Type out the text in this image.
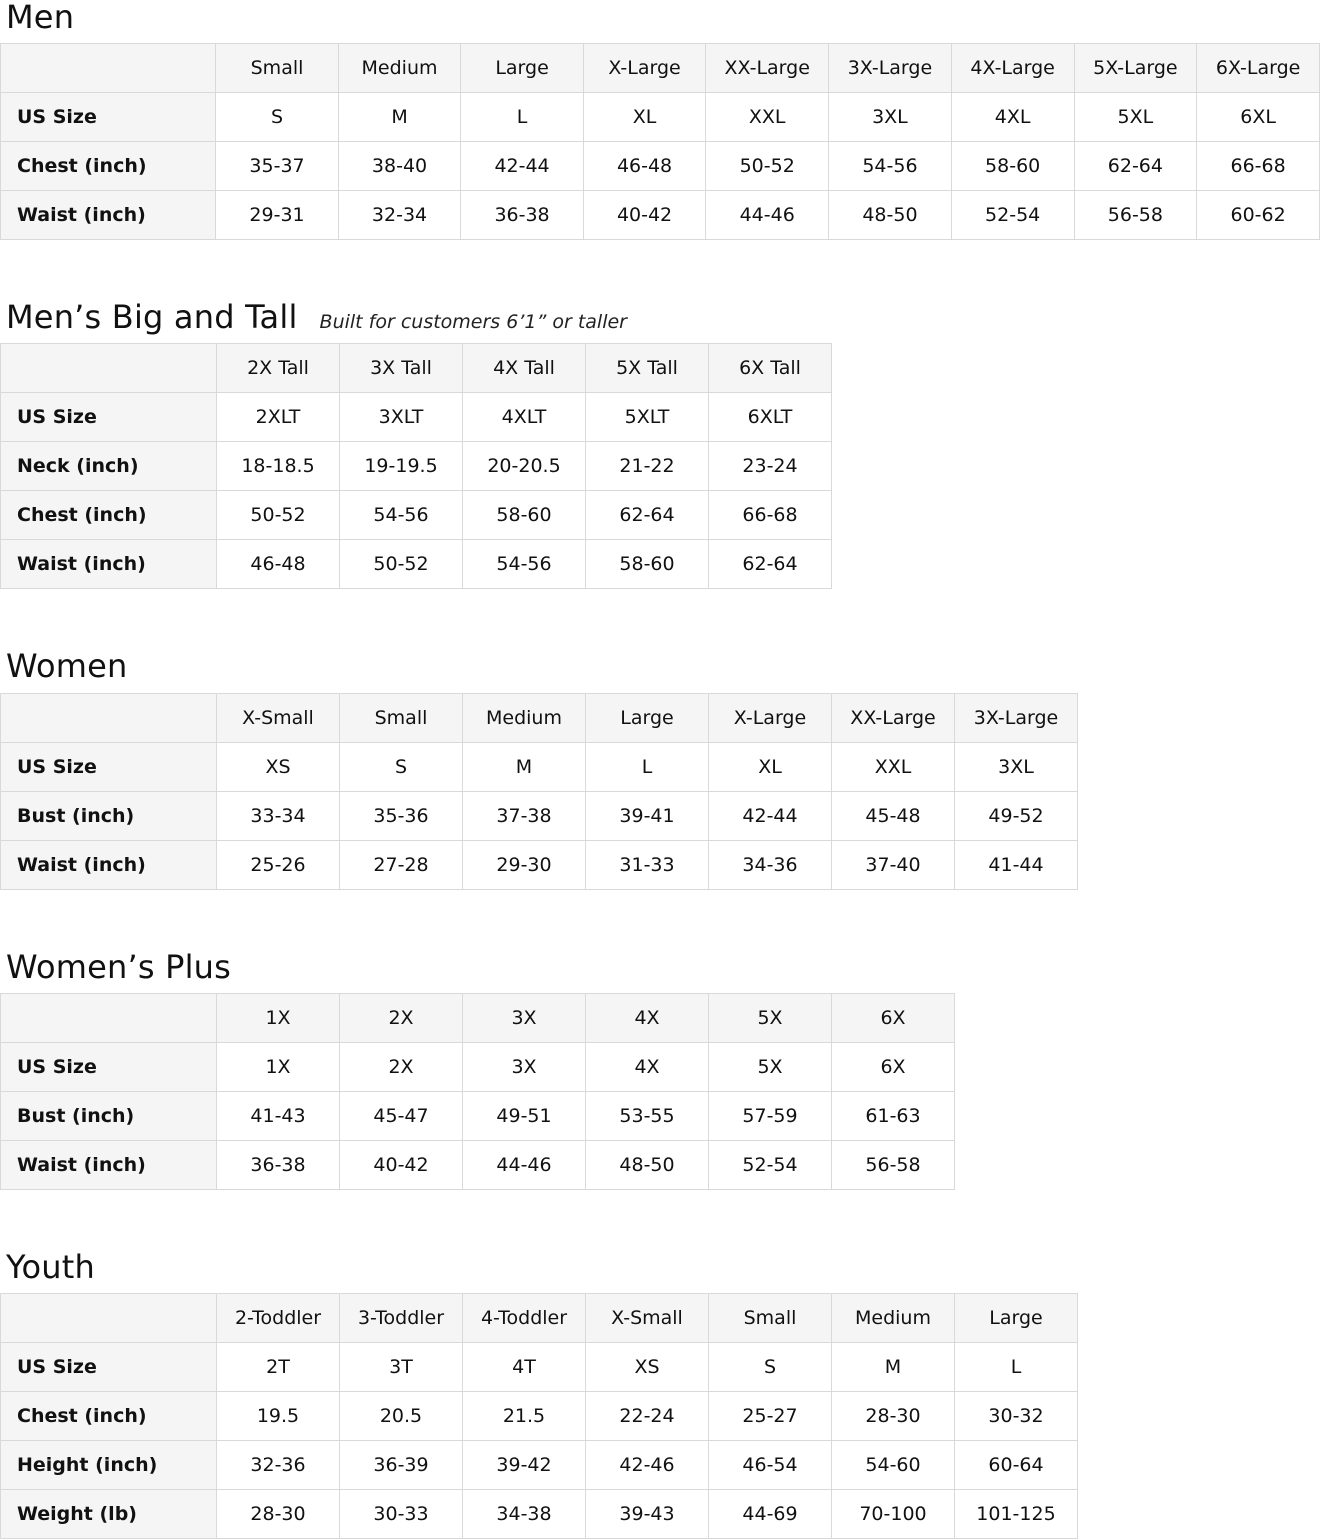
Men
	Small	Medium	Large	X-Large	XX-Large	3X-Large	4X-Large	5X-Large	6X-Large
US Size	S	M	L	XL	XXL	3XL	4XL	5XL	6XL
Chest (inch)	35-37	38-40	42-44	46-48	50-52	54-56	58-60	62-64	66-68
Waist (inch)	29-31	32-34	36-38	40-42	44-46	48-50	52-54	56-58	60-62
Men’s Big and Tall Built for customers 6’1” or taller
	2X Tall	3X Tall	4X Tall	5X Tall	6X Tall
US Size	2XLT	3XLT	4XLT	5XLT	6XLT
Neck (inch)	18-18.5	19-19.5	20-20.5	21-22	23-24
Chest (inch)	50-52	54-56	58-60	62-64	66-68
Waist (inch)	46-48	50-52	54-56	58-60	62-64
Women
	X-Small	Small	Medium	Large	X-Large	XX-Large	3X-Large
US Size	XS	S	M	L	XL	XXL	3XL
Bust (inch)	33-34	35-36	37-38	39-41	42-44	45-48	49-52
Waist (inch)	25-26	27-28	29-30	31-33	34-36	37-40	41-44
Women’s Plus
	1X	2X	3X	4X	5X	6X
US Size	1X	2X	3X	4X	5X	6X
Bust (inch)	41-43	45-47	49-51	53-55	57-59	61-63
Waist (inch)	36-38	40-42	44-46	48-50	52-54	56-58
Youth
	2-Toddler	3-Toddler	4-Toddler	X-Small	Small	Medium	Large
US Size	2T	3T	4T	XS	S	M	L
Chest (inch)	19.5	20.5	21.5	22-24	25-27	28-30	30-32
Height (inch)	32-36	36-39	39-42	42-46	46-54	54-60	60-64
Weight (lb)	28-30	30-33	34-38	39-43	44-69	70-100	101-125
